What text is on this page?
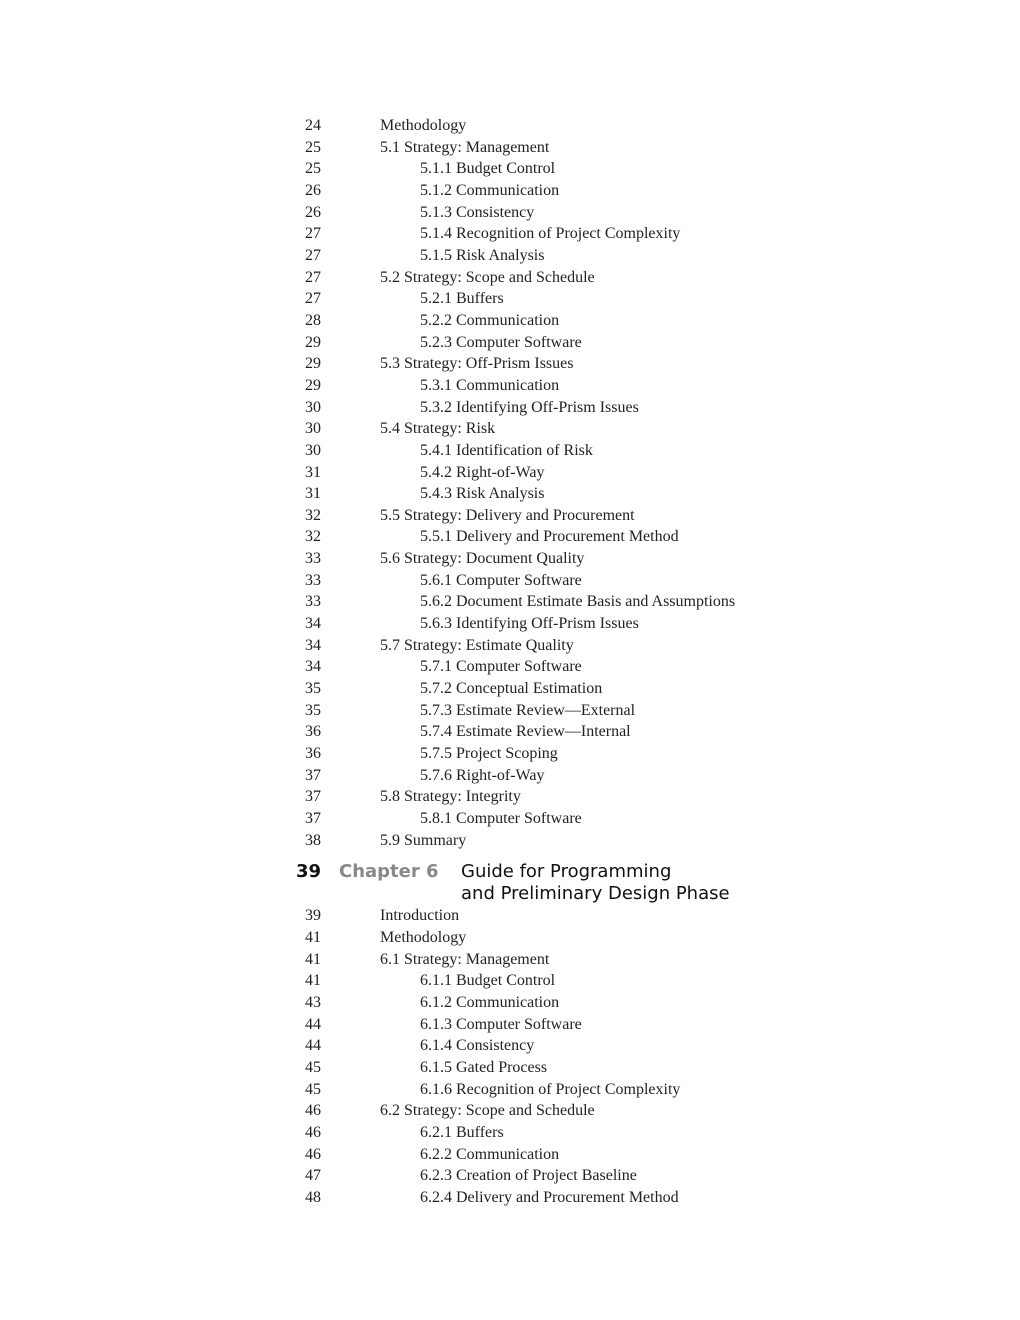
24	Methodology
25	5.1 Strategy: Management
25	5.1.1 Budget Control
26	5.1.2 Communication
26	5.1.3 Consistency
27	5.1.4 Recognition of Project Complexity
27	5.1.5 Risk Analysis
27	5.2 Strategy: Scope and Schedule
27	5.2.1 Buffers
28	5.2.2 Communication
29	5.2.3 Computer Software
29	5.3 Strategy: Off-Prism Issues
29	5.3.1 Communication
30	5.3.2 Identifying Off-Prism Issues
30	5.4 Strategy: Risk
30	5.4.1 Identification of Risk
31	5.4.2 Right-of-Way
31	5.4.3 Risk Analysis
32	5.5 Strategy: Delivery and Procurement
32	5.5.1 Delivery and Procurement Method
33	5.6 Strategy: Document Quality
33	5.6.1 Computer Software
33	5.6.2 Document Estimate Basis and Assumptions
34	5.6.3 Identifying Off-Prism Issues
34	5.7 Strategy: Estimate Quality
34	5.7.1 Computer Software
35	5.7.2 Conceptual Estimation
35	5.7.3 Estimate Review—External
36	5.7.4 Estimate Review—Internal
36	5.7.5 Project Scoping
37	5.7.6 Right-of-Way
37	5.8 Strategy: Integrity
37	5.8.1 Computer Software
38	5.9 Summary
39 Chapter 6 Guide for Programming
and Preliminary Design Phase
39	Introduction
41	Methodology
41	6.1 Strategy: Management
41	6.1.1 Budget Control
43	6.1.2 Communication
44	6.1.3 Computer Software
44	6.1.4 Consistency
45	6.1.5 Gated Process
45	6.1.6 Recognition of Project Complexity
46	6.2 Strategy: Scope and Schedule
46	6.2.1 Buffers
46	6.2.2 Communication
47	6.2.3 Creation of Project Baseline
48	6.2.4 Delivery and Procurement Method
